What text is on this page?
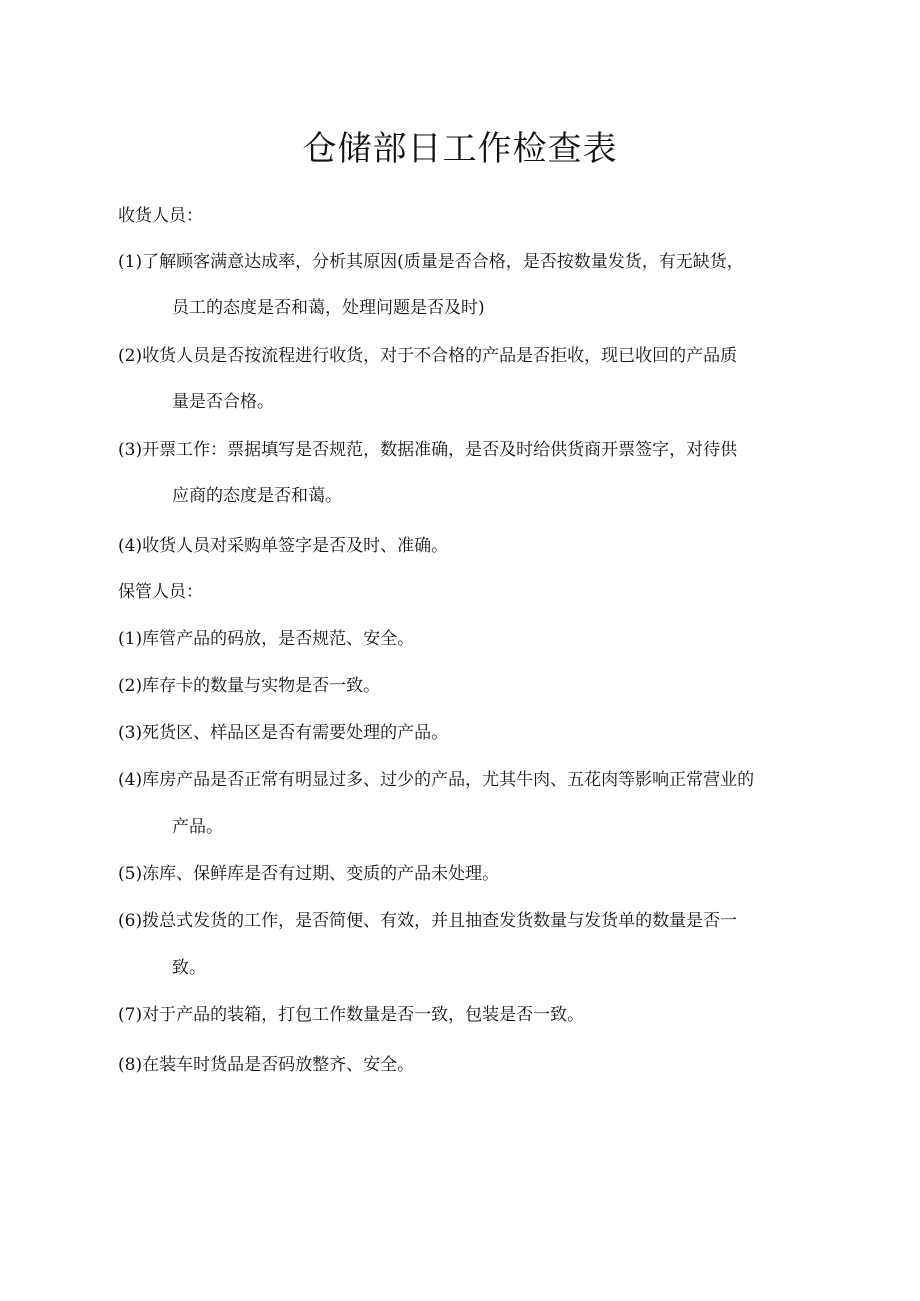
仓储部日工作检查表
收货人员：
(1)了解顾客满意达成率，分析其原因(质量是否合格，是否按数量发货，有无缺货，
员工的态度是否和蔼，处理问题是否及时)
(2)收货人员是否按流程进行收货，对于不合格的产品是否拒收，现已收回的产品质
量是否合格。
(3)开票工作：票据填写是否规范，数据准确，是否及时给供货商开票签字，对待供
应商的态度是否和蔼。
(4)收货人员对采购单签字是否及时、准确。
保管人员：
(1)库管产品的码放，是否规范、安全。
(2)库存卡的数量与实物是否一致。
(3)死货区、样品区是否有需要处理的产品。
(4)库房产品是否正常有明显过多、过少的产品，尤其牛肉、五花肉等影响正常营业的
产品。
(5)冻库、保鲜库是否有过期、变质的产品未处理。
(6)拨总式发货的工作，是否简便、有效，并且抽查发货数量与发货单的数量是否一
致。
(7)对于产品的装箱，打包工作数量是否一致，包装是否一致。
(8)在装车时货品是否码放整齐、安全。
